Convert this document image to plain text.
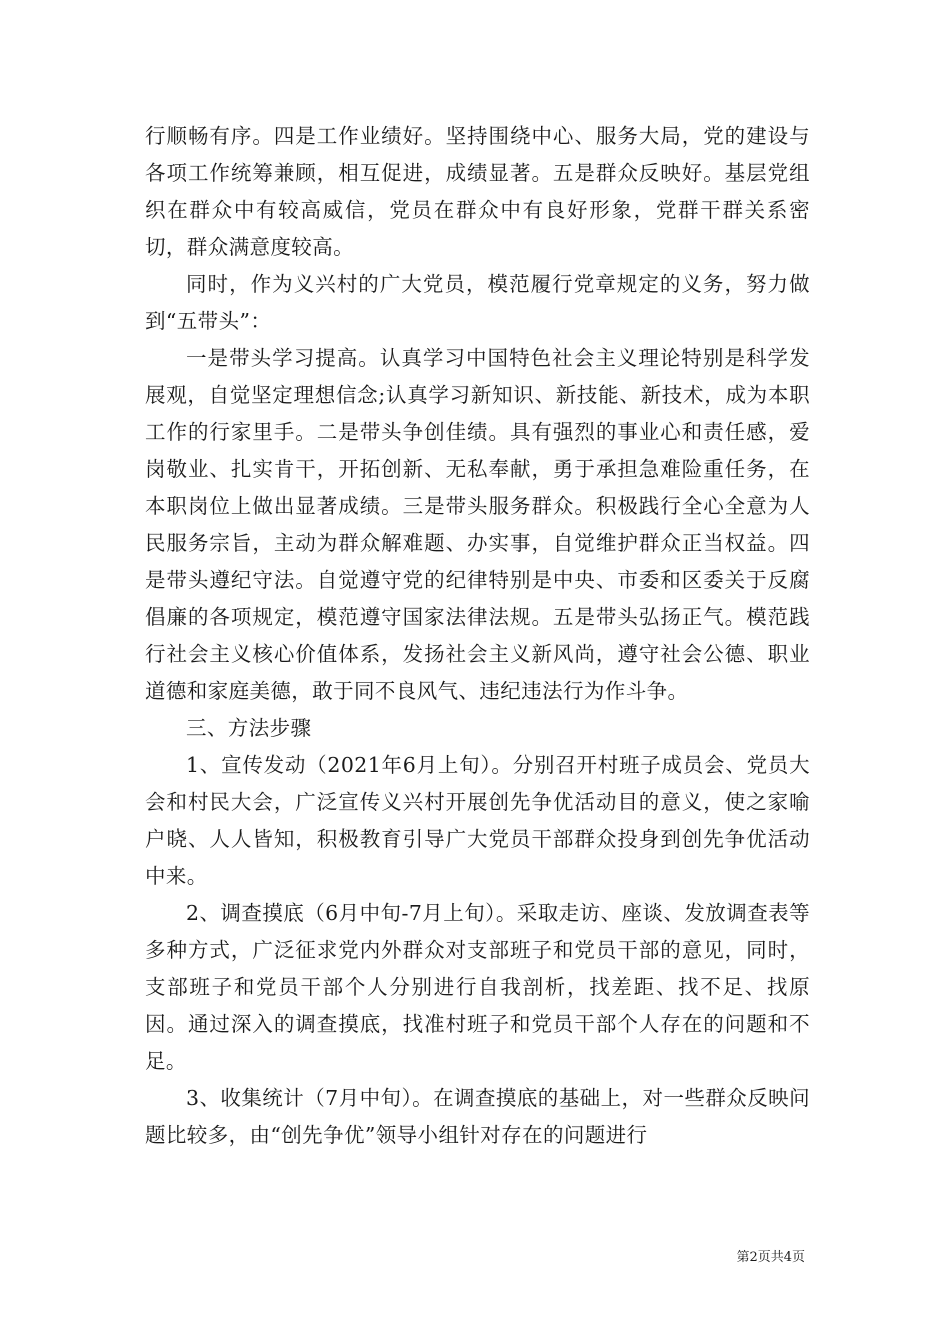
行顺畅有序。四是工作业绩好。坚持围绕中心、服务大局，党的建设与各项工作统筹兼顾，相互促进，成绩显著。五是群众反映好。基层党组织在群众中有较高威信，党员在群众中有良好形象，党群干群关系密切，群众满意度较高。

同时，作为义兴村的广大党员，模范履行党章规定的义务，努力做到“五带头”：

一是带头学习提高。认真学习中国特色社会主义理论特别是科学发展观，自觉坚定理想信念;认真学习新知识、新技能、新技术，成为本职工作的行家里手。二是带头争创佳绩。具有强烈的事业心和责任感，爱岗敬业、扎实肯干，开拓创新、无私奉献，勇于承担急难险重任务，在本职岗位上做出显著成绩。三是带头服务群众。积极践行全心全意为人民服务宗旨，主动为群众解难题、办实事，自觉维护群众正当权益。四是带头遵纪守法。自觉遵守党的纪律特别是中央、市委和区委关于反腐倡廉的各项规定，模范遵守国家法律法规。五是带头弘扬正气。模范践行社会主义核心价值体系，发扬社会主义新风尚，遵守社会公德、职业道德和家庭美德，敢于同不良风气、违纪违法行为作斗争。

三、方法步骤

1、宣传发动（2021年6月上旬）。分别召开村班子成员会、党员大会和村民大会，广泛宣传义兴村开展创先争优活动目的意义，使之家喻户晓、人人皆知，积极教育引导广大党员干部群众投身到创先争优活动中来。

2、调查摸底（6月中旬-7月上旬）。采取走访、座谈、发放调查表等多种方式，广泛征求党内外群众对支部班子和党员干部的意见，同时，支部班子和党员干部个人分别进行自我剖析，找差距、找不足、找原因。通过深入的调查摸底，找准村班子和党员干部个人存在的问题和不足。

3、收集统计（7月中旬）。在调查摸底的基础上，对一些群众反映问题比较多，由“创先争优”领导小组针对存在的问题进行

第2页共4页
